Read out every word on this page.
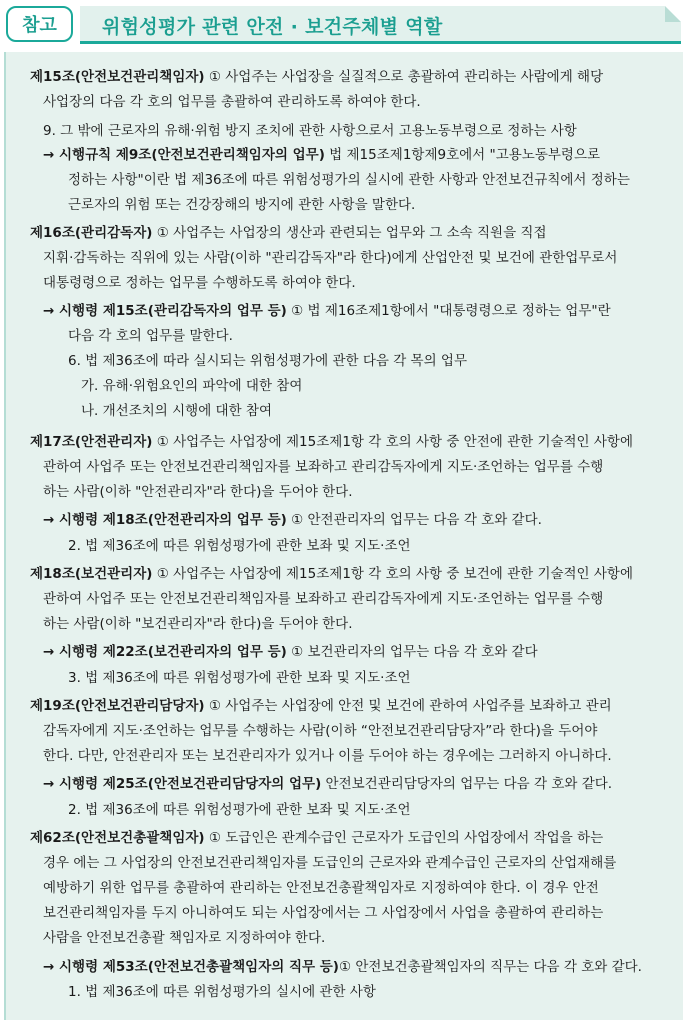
참고	위험성평가 관련 안전 · 보건주체별 역할
제15조(안전보건관리책임자) ① 사업주는 사업장을 실질적으로 총괄하여 관리하는 사람에게 해당
사업장의 다음 각 호의 업무를 총괄하여 관리하도록 하여야 한다.
9. 그 밖에 근로자의 유해·위험 방지 조치에 관한 사항으로서 고용노동부령으로 정하는 사항
→ 시행규칙 제9조(안전보건관리책임자의 업무) 법 제15조제1항제9호에서 "고용노동부령으로
정하는 사항"이란 법 제36조에 따른 위험성평가의 실시에 관한 사항과 안전보건규칙에서 정하는
근로자의 위험 또는 건강장해의 방지에 관한 사항을 말한다.
제16조(관리감독자) ① 사업주는 사업장의 생산과 관련되는 업무와 그 소속 직원을 직접
지휘·감독하는 직위에 있는 사람(이하 "관리감독자"라 한다)에게 산업안전 및 보건에 관한업무로서
대통령령으로 정하는 업무를 수행하도록 하여야 한다.
→ 시행령 제15조(관리감독자의 업무 등) ① 법 제16조제1항에서 "대통령령으로 정하는 업무"란
다음 각 호의 업무를 말한다.
6. 법 제36조에 따라 실시되는 위험성평가에 관한 다음 각 목의 업무
가. 유해·위험요인의 파악에 대한 참여
나. 개선조치의 시행에 대한 참여
제17조(안전관리자) ① 사업주는 사업장에 제15조제1항 각 호의 사항 중 안전에 관한 기술적인 사항에
관하여 사업주 또는 안전보건관리책임자를 보좌하고 관리감독자에게 지도·조언하는 업무를 수행
하는 사람(이하 "안전관리자"라 한다)을 두어야 한다.
→ 시행령 제18조(안전관리자의 업무 등) ① 안전관리자의 업무는 다음 각 호와 같다.
2. 법 제36조에 따른 위험성평가에 관한 보좌 및 지도·조언
제18조(보건관리자) ① 사업주는 사업장에 제15조제1항 각 호의 사항 중 보건에 관한 기술적인 사항에
관하여 사업주 또는 안전보건관리책임자를 보좌하고 관리감독자에게 지도·조언하는 업무를 수행
하는 사람(이하 "보건관리자"라 한다)을 두어야 한다.
→ 시행령 제22조(보건관리자의 업무 등) ① 보건관리자의 업무는 다음 각 호와 같다
3. 법 제36조에 따른 위험성평가에 관한 보좌 및 지도·조언
제19조(안전보건관리담당자) ① 사업주는 사업장에 안전 및 보건에 관하여 사업주를 보좌하고 관리
감독자에게 지도·조언하는 업무를 수행하는 사람(이하 “안전보건관리담당자”라 한다)을 두어야
한다. 다만, 안전관리자 또는 보건관리자가 있거나 이를 두어야 하는 경우에는 그러하지 아니하다.
→ 시행령 제25조(안전보건관리담당자의 업무) 안전보건관리담당자의 업무는 다음 각 호와 같다.
2. 법 제36조에 따른 위험성평가에 관한 보좌 및 지도·조언
제62조(안전보건총괄책임자) ① 도급인은 관계수급인 근로자가 도급인의 사업장에서 작업을 하는
경우 에는 그 사업장의 안전보건관리책임자를 도급인의 근로자와 관계수급인 근로자의 산업재해를
예방하기 위한 업무를 총괄하여 관리하는 안전보건총괄책임자로 지정하여야 한다. 이 경우 안전
보건관리책임자를 두지 아니하여도 되는 사업장에서는 그 사업장에서 사업을 총괄하여 관리하는
사람을 안전보건총괄 책임자로 지정하여야 한다.
→ 시행령 제53조(안전보건총괄책임자의 직무 등)① 안전보건총괄책임자의 직무는 다음 각 호와 같다.
1. 법 제36조에 따른 위험성평가의 실시에 관한 사항
